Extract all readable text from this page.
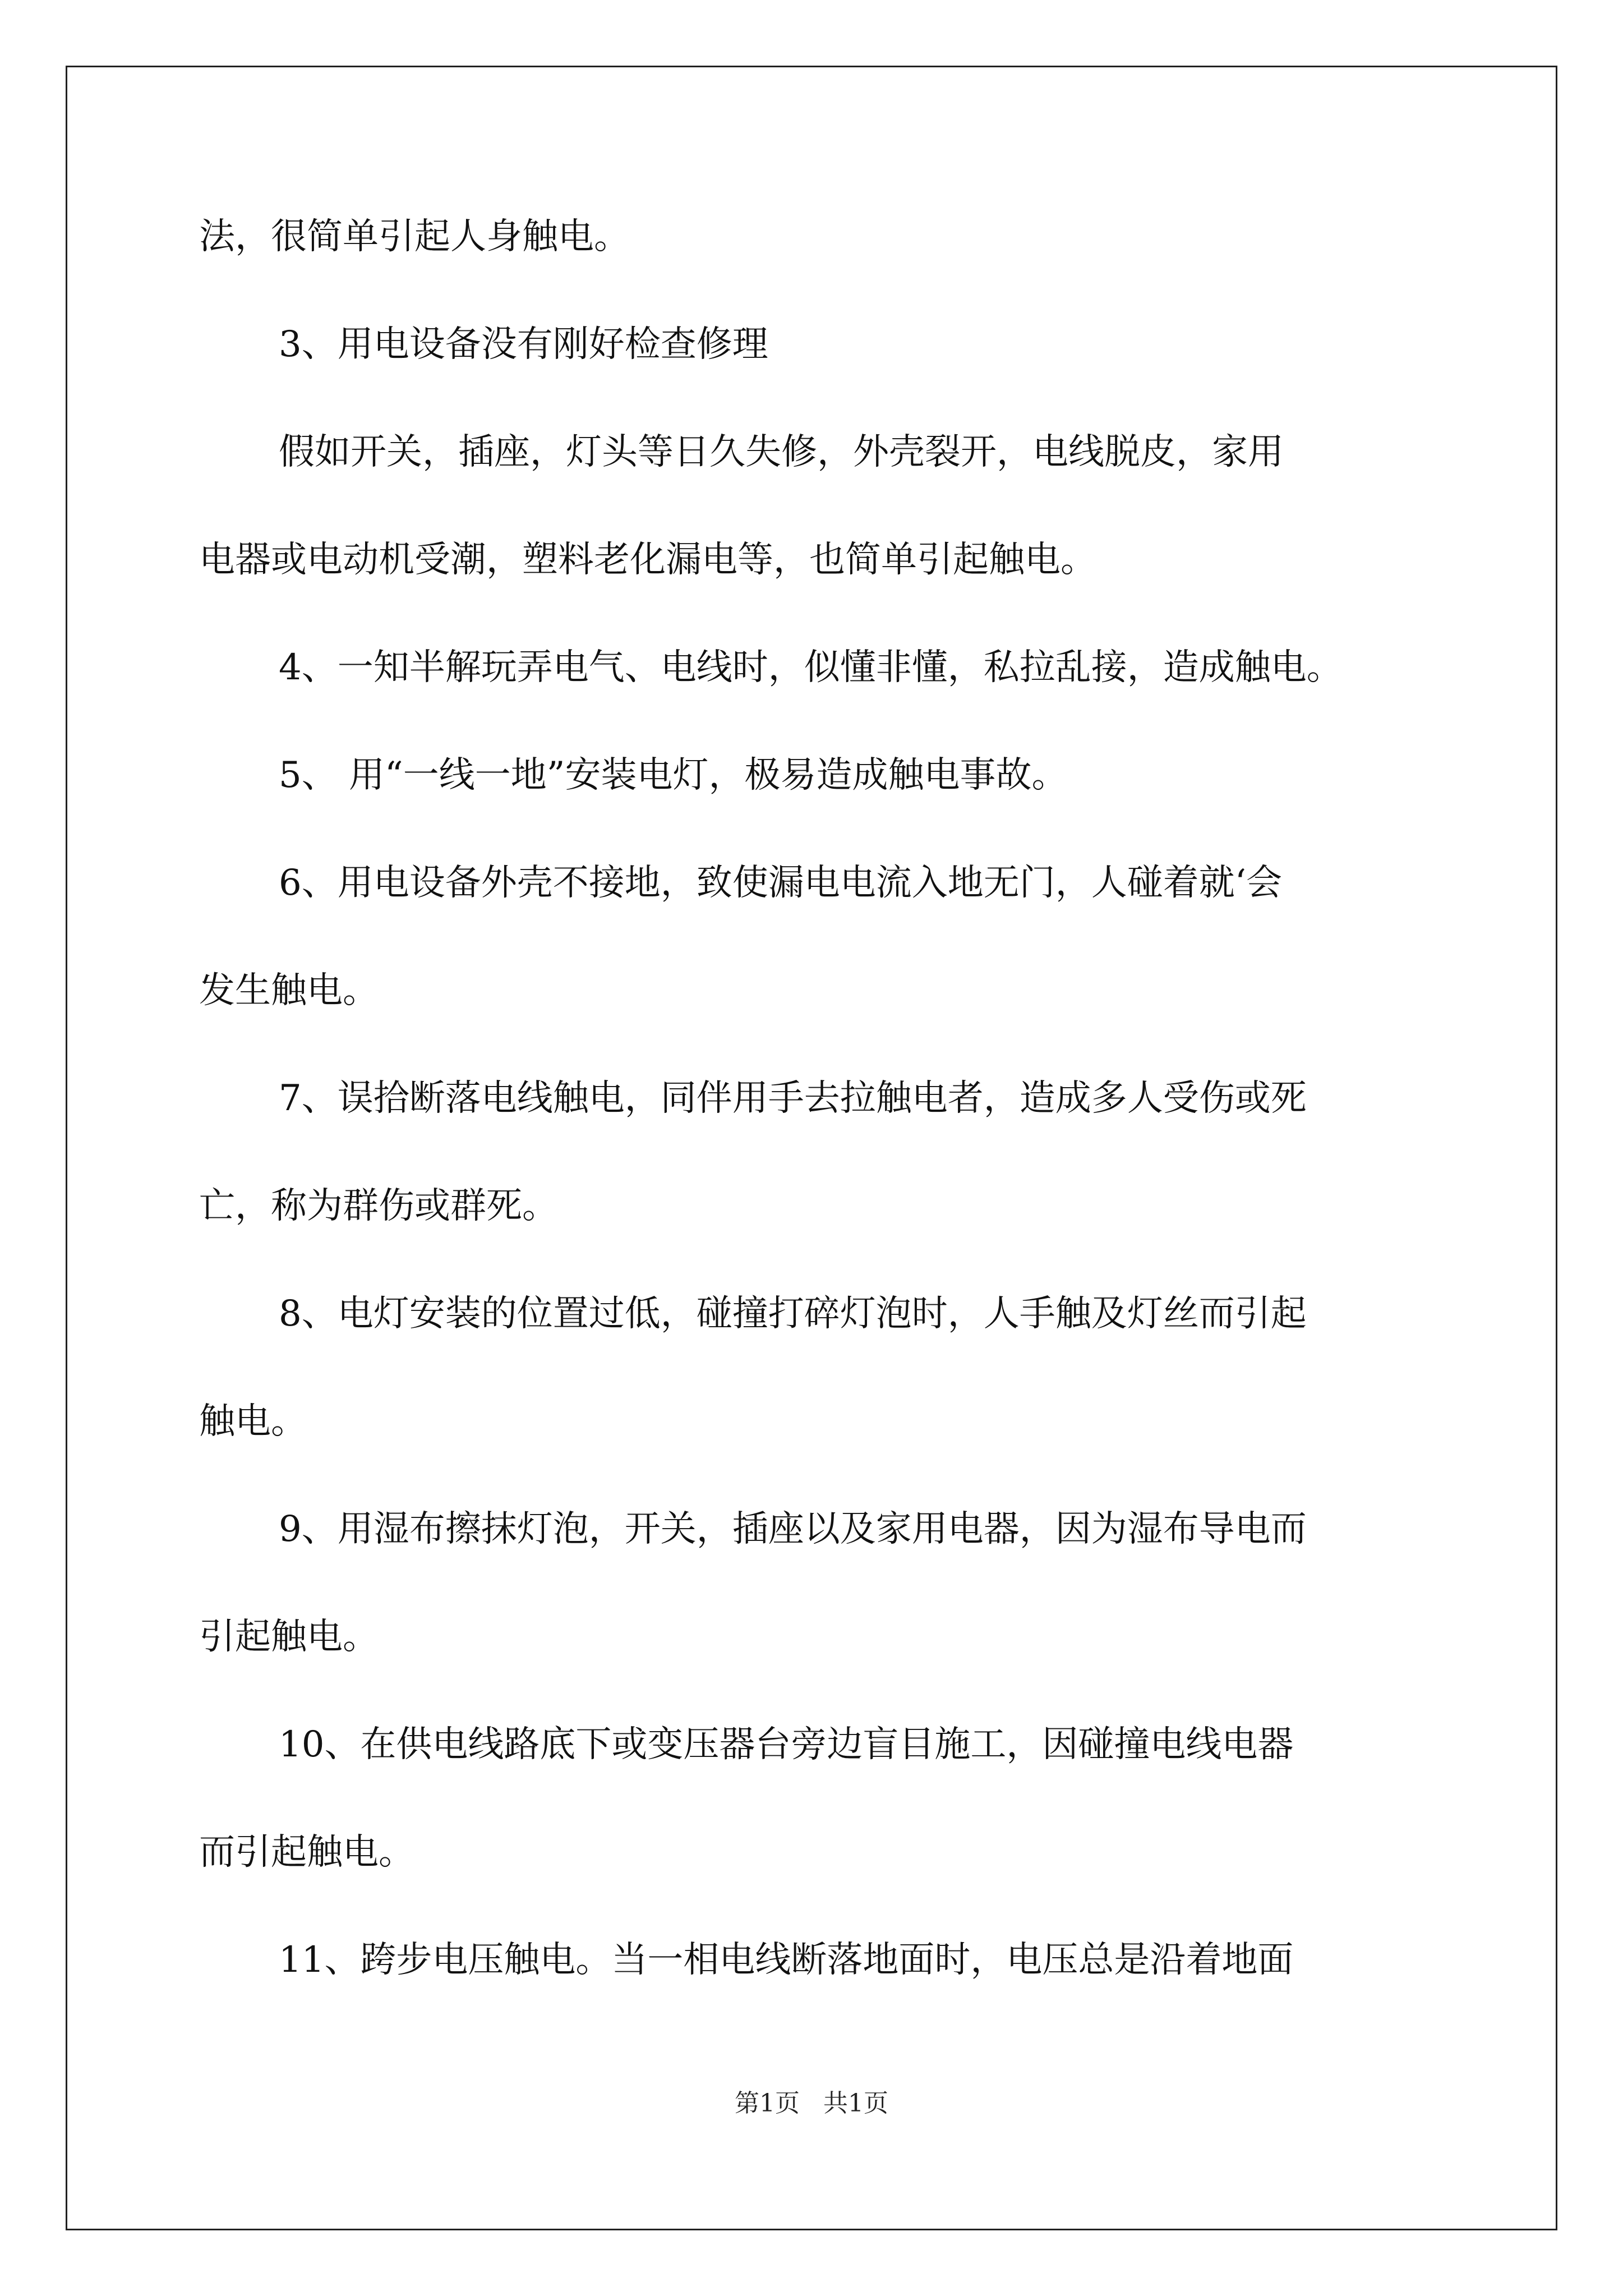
法，很简单引起人身触电。
3、用电设备没有刚好检查修理
假如开关，插座，灯头等日久失修，外壳裂开，电线脱皮，家用
电器或电动机受潮，塑料老化漏电等，也简单引起触电。
4、一知半解玩弄电气、电线时，似懂非懂，私拉乱接，造成触电。
5、 用“一线一地”安装电灯，极易造成触电事故。
6、用电设备外壳不接地，致使漏电电流入地无门，人碰着就‘会
发生触电。
7、误拾断落电线触电，同伴用手去拉触电者，造成多人受伤或死
亡，称为群伤或群死。
8、电灯安装的位置过低，碰撞打碎灯泡时，人手触及灯丝而引起
触电。
9、用湿布擦抹灯泡，开关，插座以及家用电器，因为湿布导电而
引起触电。
10、在供电线路底下或变压器台旁边盲目施工，因碰撞电线电器
而引起触电。
11、跨步电压触电。当一相电线断落地面时，电压总是沿着地面
第1页   共1页
